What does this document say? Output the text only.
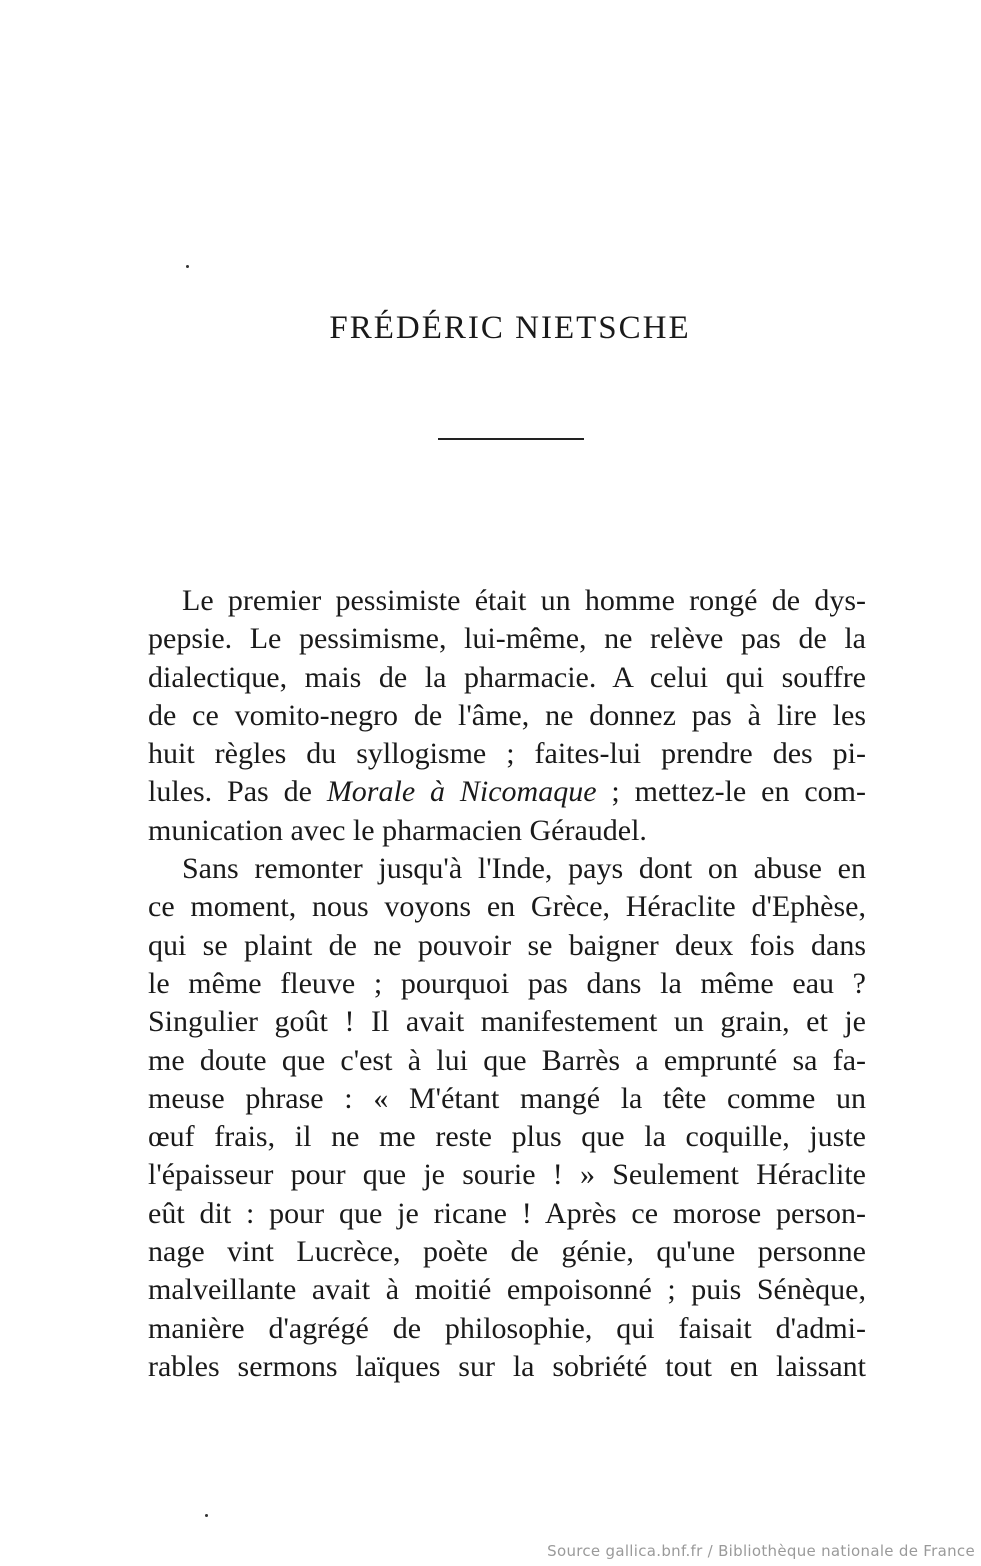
FRÉDÉRIC NIETSCHE
Le premier pessimiste était un homme rongé de dys-
pepsie. Le pessimisme, lui-même, ne relève pas de la
dialectique, mais de la pharmacie. A celui qui souffre
de ce vomito-negro de l'âme, ne donnez pas à lire les
huit règles du syllogisme ; faites-lui prendre des pi-
lules. Pas de Morale à Nicomaque ; mettez-le en com-
munication avec le pharmacien Géraudel.
Sans remonter jusqu'à l'Inde, pays dont on abuse en
ce moment, nous voyons en Grèce, Héraclite d'Ephèse,
qui se plaint de ne pouvoir se baigner deux fois dans
le même fleuve ; pourquoi pas dans la même eau ?
Singulier goût ! Il avait manifestement un grain, et je
me doute que c'est à lui que Barrès a emprunté sa fa-
meuse phrase : « M'étant mangé la tête comme un
œuf frais, il ne me reste plus que la coquille, juste
l'épaisseur pour que je sourie ! » Seulement Héraclite
eût dit : pour que je ricane ! Après ce morose person-
nage vint Lucrèce, poète de génie, qu'une personne
malveillante avait à moitié empoisonné ; puis Sénèque,
manière d'agrégé de philosophie, qui faisait d'admi-
rables sermons laïques sur la sobriété tout en laissant
Source gallica.bnf.fr / Bibliothèque nationale de France
